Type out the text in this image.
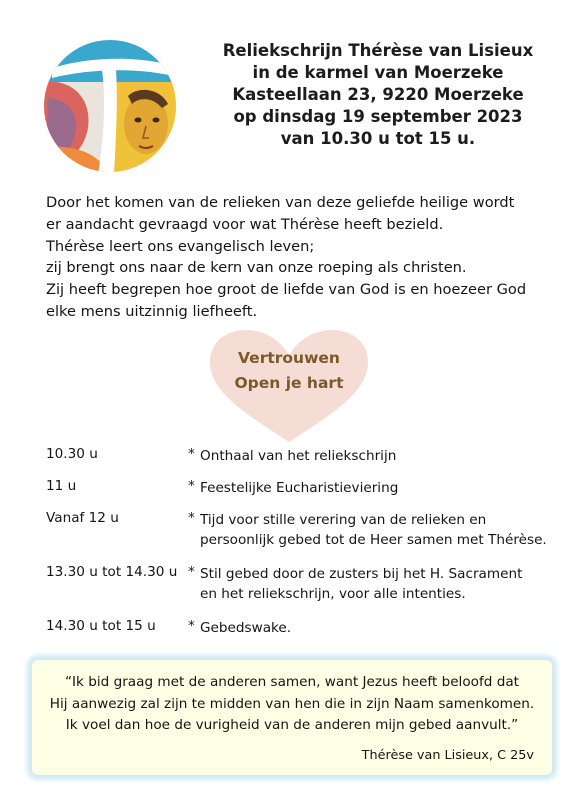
Reliekschrijn Thérèse van Lisieux
in de karmel van Moerzeke
Kasteellaan 23, 9220 Moerzeke
op dinsdag 19 september 2023
van 10.30 u tot 15 u.
Door het komen van de relieken van deze geliefde heilige wordt
er aandacht gevraagd voor wat Thérèse heeft bezield.
Thérèse leert ons evangelisch leven;
zij brengt ons naar de kern van onze roeping als christen.
Zij heeft begrepen hoe groot de liefde van God is en hoezeer God
elke mens uitzinnig liefheeft.
Vertrouwen
Open je hart
10.30 u	* Onthaal van het reliekschrijn
11 u	* Feestelijke Eucharistieviering
Vanaf 12 u	* Tijd voor stille verering van de relieken en
persoonlijk gebed tot de Heer samen met Thérèse.
13.30 u tot 14.30 u * Stil gebed door de zusters bij het H. Sacrament
en het reliekschrijn, voor alle intenties.
14.30 u tot 15 u * Gebedswake.
“Ik bid graag met de anderen samen, want Jezus heeft beloofd dat
Hij aanwezig zal zijn te midden van hen die in zijn Naam samenkomen.
Ik voel dan hoe de vurigheid van de anderen mijn gebed aanvult.”
Thérèse van Lisieux, C 25v
